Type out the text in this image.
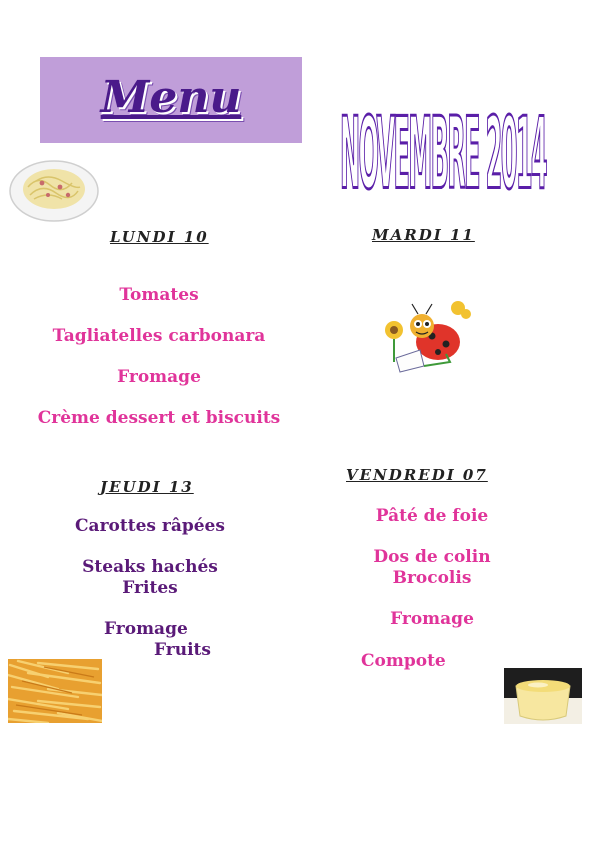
Menu	NOVEMBRE 2014
LUNDI 10
Tomates
Tagliatelles carbonara
Fromage
Crème dessert et biscuits
MARDI 11
JEUDI 13
Carottes râpées
Steaks hachés
Frites
Fromage
Fruits
VENDREDI 07
Pâté de foie
Dos de colin
Brocolis
Fromage
Compote
